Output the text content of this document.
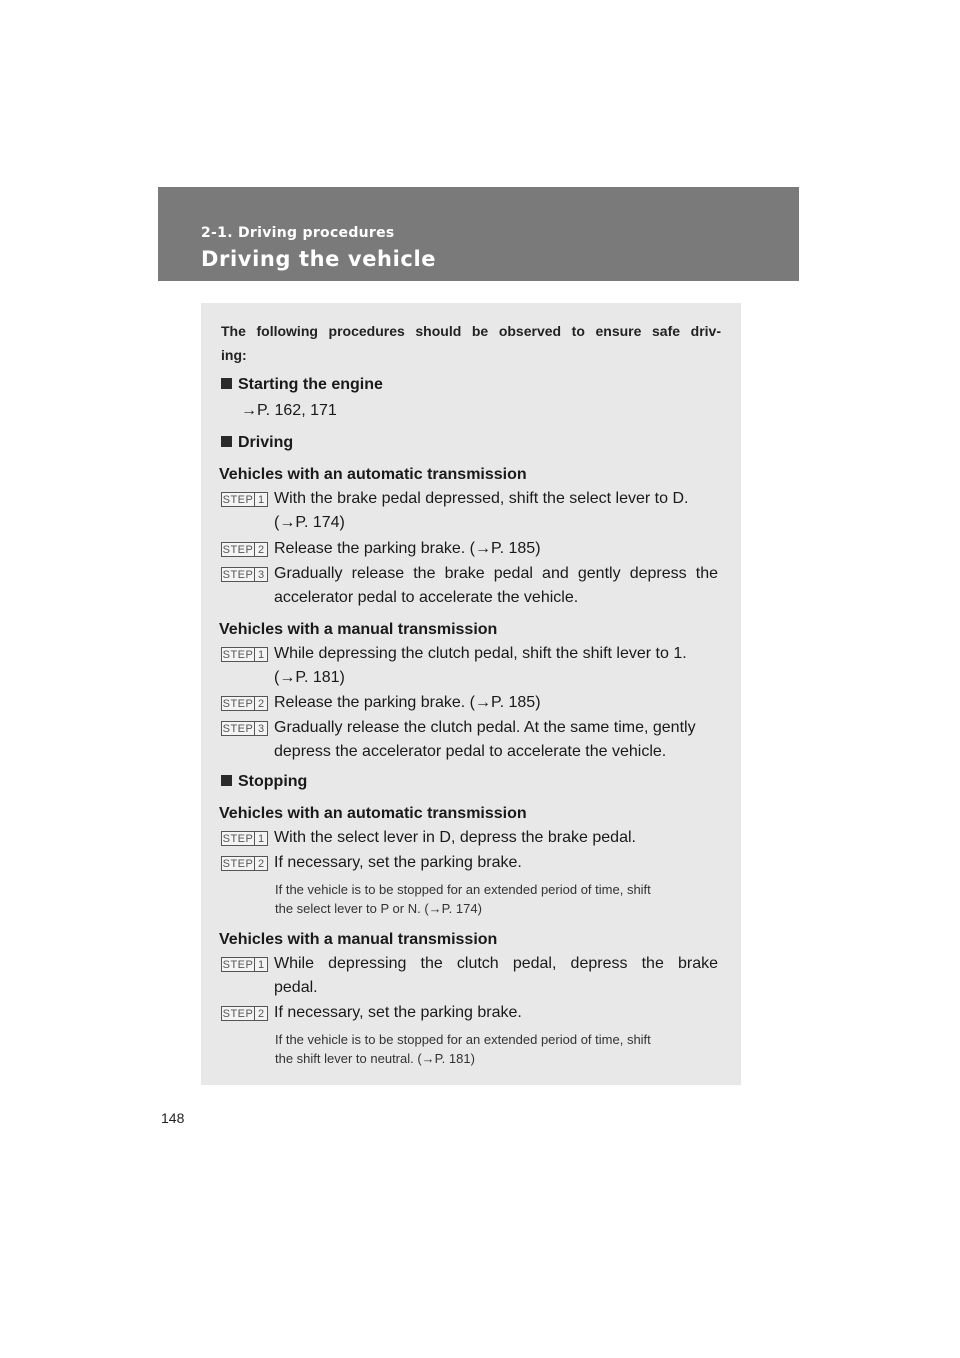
2-1. Driving procedures
Driving the vehicle
The following procedures should be observed to ensure safe driv-
ing:
Starting the engine
→P. 162, 171
Driving
Vehicles with an automatic transmission
STEP 1 With the brake pedal depressed, shift the select lever to D.
(→P. 174)
STEP 2 Release the parking brake. (→P. 185)
STEP 3 Gradually release the brake pedal and gently depress the
accelerator pedal to accelerate the vehicle.
Vehicles with a manual transmission
STEP 1 While depressing the clutch pedal, shift the shift lever to 1.
(→P. 181)
STEP 2 Release the parking brake. (→P. 185)
STEP 3 Gradually release the clutch pedal. At the same time, gently
depress the accelerator pedal to accelerate the vehicle.
Stopping
Vehicles with an automatic transmission
STEP 1 With the select lever in D, depress the brake pedal.
STEP 2 If necessary, set the parking brake.
If the vehicle is to be stopped for an extended period of time, shift
the select lever to P or N. (→P. 174)
Vehicles with a manual transmission
STEP 1 While depressing the clutch pedal, depress the brake
pedal.
STEP 2 If necessary, set the parking brake.
If the vehicle is to be stopped for an extended period of time, shift
the shift lever to neutral. (→P. 181)
148
